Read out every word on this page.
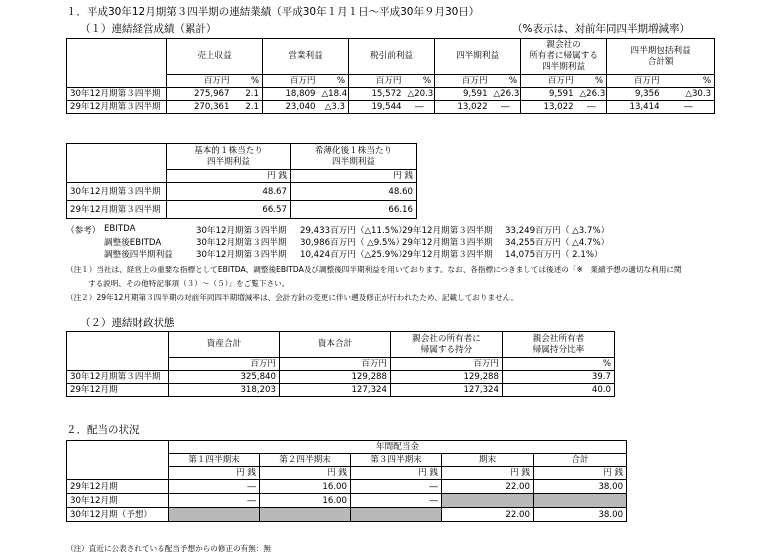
１．平成30年12月期第３四半期の連結業績（平成30年１月１日～平成30年９月30日）
（１）連結経営成績（累計）	（%表示は、対前年同四半期増減率）
	売上収益		営業利益		税引前利益		四半期利益		親会社の
所有者に帰属する
四半期利益		四半期包括利益
合計額	
	百万円	%	百万円	%	百万円	%	百万円	%	百万円	%	百万円	%
30年12月期第３四半期	275,967	2.1	18,809	△18.4	15,572	△20.3	9,591	△26.3	9,591	△26.3	9,356	△30.3
29年12月期第３四半期	270,361	2.1	23,040	△3.3	19,544	―	13,022	―	13,022	―	13,414	―
	基本的１株当たり
四半期利益	希薄化後１株当たり
四半期利益
	円 銭	円 銭
30年12月期第３四半期	48.67	48.60
29年12月期第３四半期	66.57	66.16
（参考） EBITDA	30年12月期第３四半期 29,433百万円（△11.5%）
29年12月期第３四半期 33,249百万円（ △3.7%）
調整後EBITDA	30年12月期第３四半期 30,986百万円（ △9.5%）
29年12月期第３四半期 34,255百万円（ △4.7%）
調整後四半期利益	30年12月期第３四半期 10,424百万円（△25.9%）
29年12月期第３四半期 14,075百万円（ 2.1%）
（注１）当社は、経営上の重要な指標としてEBITDA、調整後EBITDA及び調整後四半期利益を用いております。なお、各指標につきましては後述の「※　業績予想の適切な利用に関
する説明、その他特記事項（３）～（５）」をご覧下さい。
（注２）29年12月期第３四半期の対前年同四半期増減率は、会計方針の変更に伴い遡及修正が行われたため、記載しておりません。
（２）連結財政状態
	資産合計	資本合計	親会社の所有者に
帰属する持分	親会社所有者
帰属持分比率
	百万円	百万円	百万円	%
30年12月期第３四半期	325,840	129,288	129,288	39.7
29年12月期	318,203	127,324	127,324	40.0
２．配当の状況
	年間配当金				
	第１四半期末	第２四半期末	第３四半期末	期末	合計
	円 銭	円 銭	円 銭	円 銭	円 銭
29年12月期	―	16.00	―	22.00	38.00
30年12月期	―	16.00	―		
30年12月期（予想）				22.00	38.00
（注）直近に公表されている配当予想からの修正の有無：無
